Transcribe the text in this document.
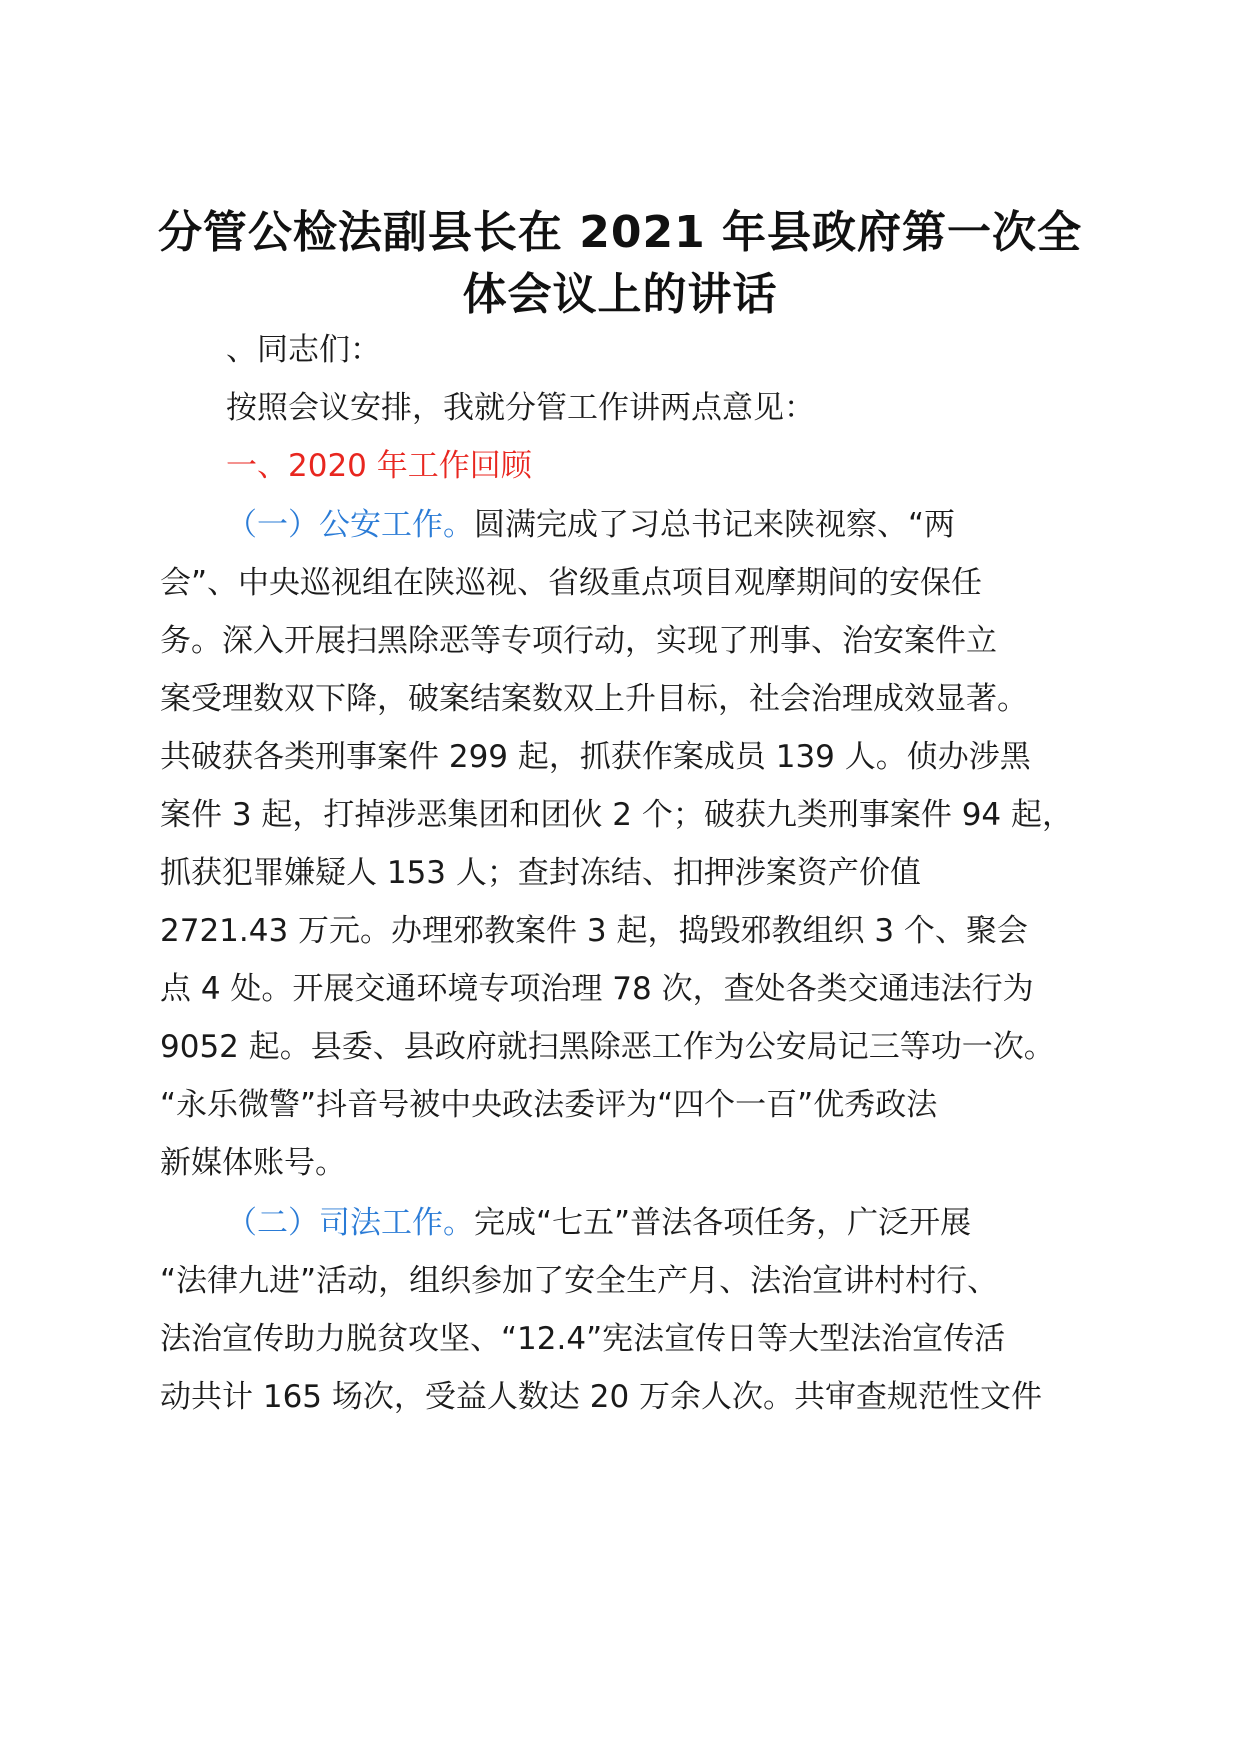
分管公检法副县长在 2021 年县政府第一次全
体会议上的讲话
、同志们：
按照会议安排，我就分管工作讲两点意见：
一、2020 年工作回顾
（一）公安工作。圆满完成了习总书记来陕视察、“两
会”、中央巡视组在陕巡视、省级重点项目观摩期间的安保任
务。深入开展扫黑除恶等专项行动，实现了刑事、治安案件立
案受理数双下降，破案结案数双上升目标，社会治理成效显著。
共破获各类刑事案件 299 起，抓获作案成员 139 人。侦办涉黑
案件 3 起，打掉涉恶集团和团伙 2 个；破获九类刑事案件 94 起，
抓获犯罪嫌疑人 153 人；查封冻结、扣押涉案资产价值
2721.43 万元。办理邪教案件 3 起，捣毁邪教组织 3 个、聚会
点 4 处。开展交通环境专项治理 78 次，查处各类交通违法行为
9052 起。县委、县政府就扫黑除恶工作为公安局记三等功一次。
“永乐微警”抖音号被中央政法委评为“四个一百”优秀政法
新媒体账号。
（二）司法工作。完成“七五”普法各项任务，广泛开展
“法律九进”活动，组织参加了安全生产月、法治宣讲村村行、
法治宣传助力脱贫攻坚、“12.4”宪法宣传日等大型法治宣传活
动共计 165 场次，受益人数达 20 万余人次。共审查规范性文件
